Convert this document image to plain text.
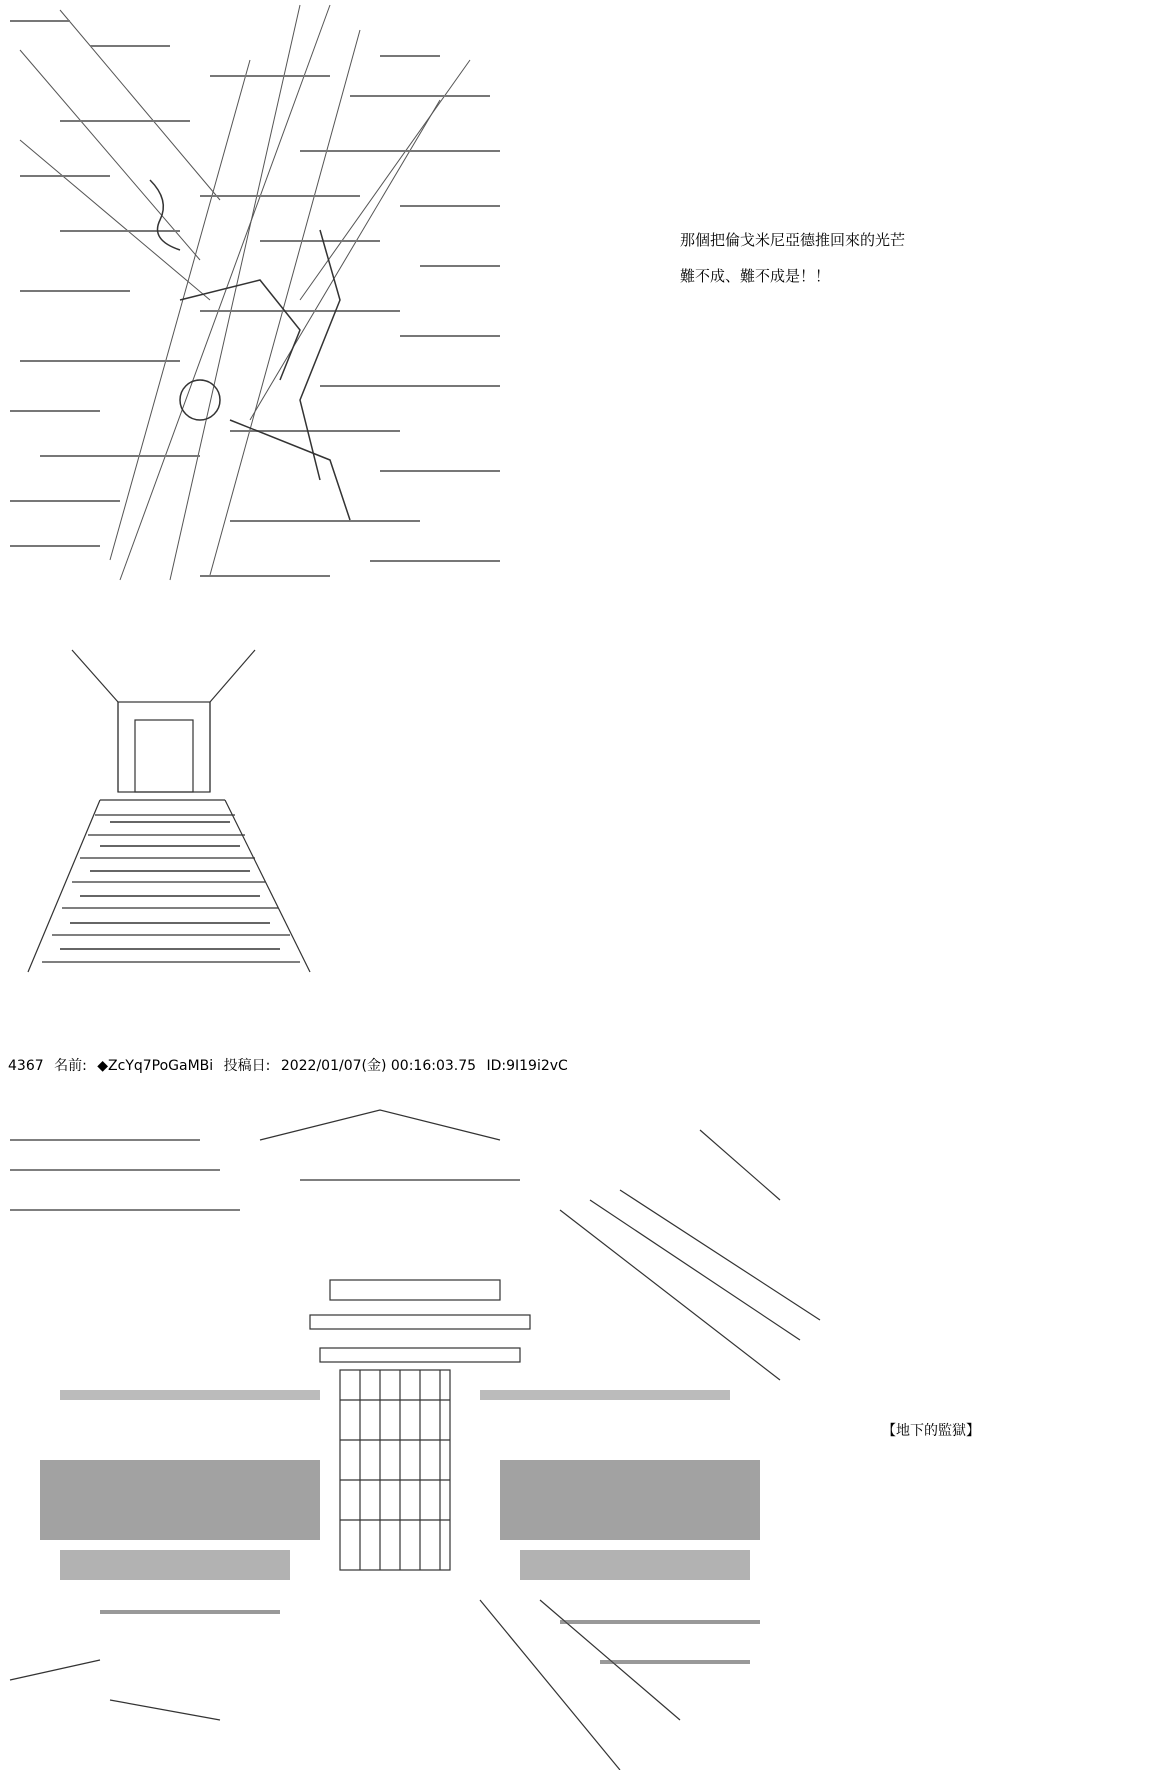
那個把倫戈米尼亞德推回來的光芒
難不成、難不成是！！
4367 名前: ◆ZcYq7PoGaMBi 投稿日: 2022/01/07(金) 00:16:03.75 ID:9I19i2vC
【地下的監獄】
